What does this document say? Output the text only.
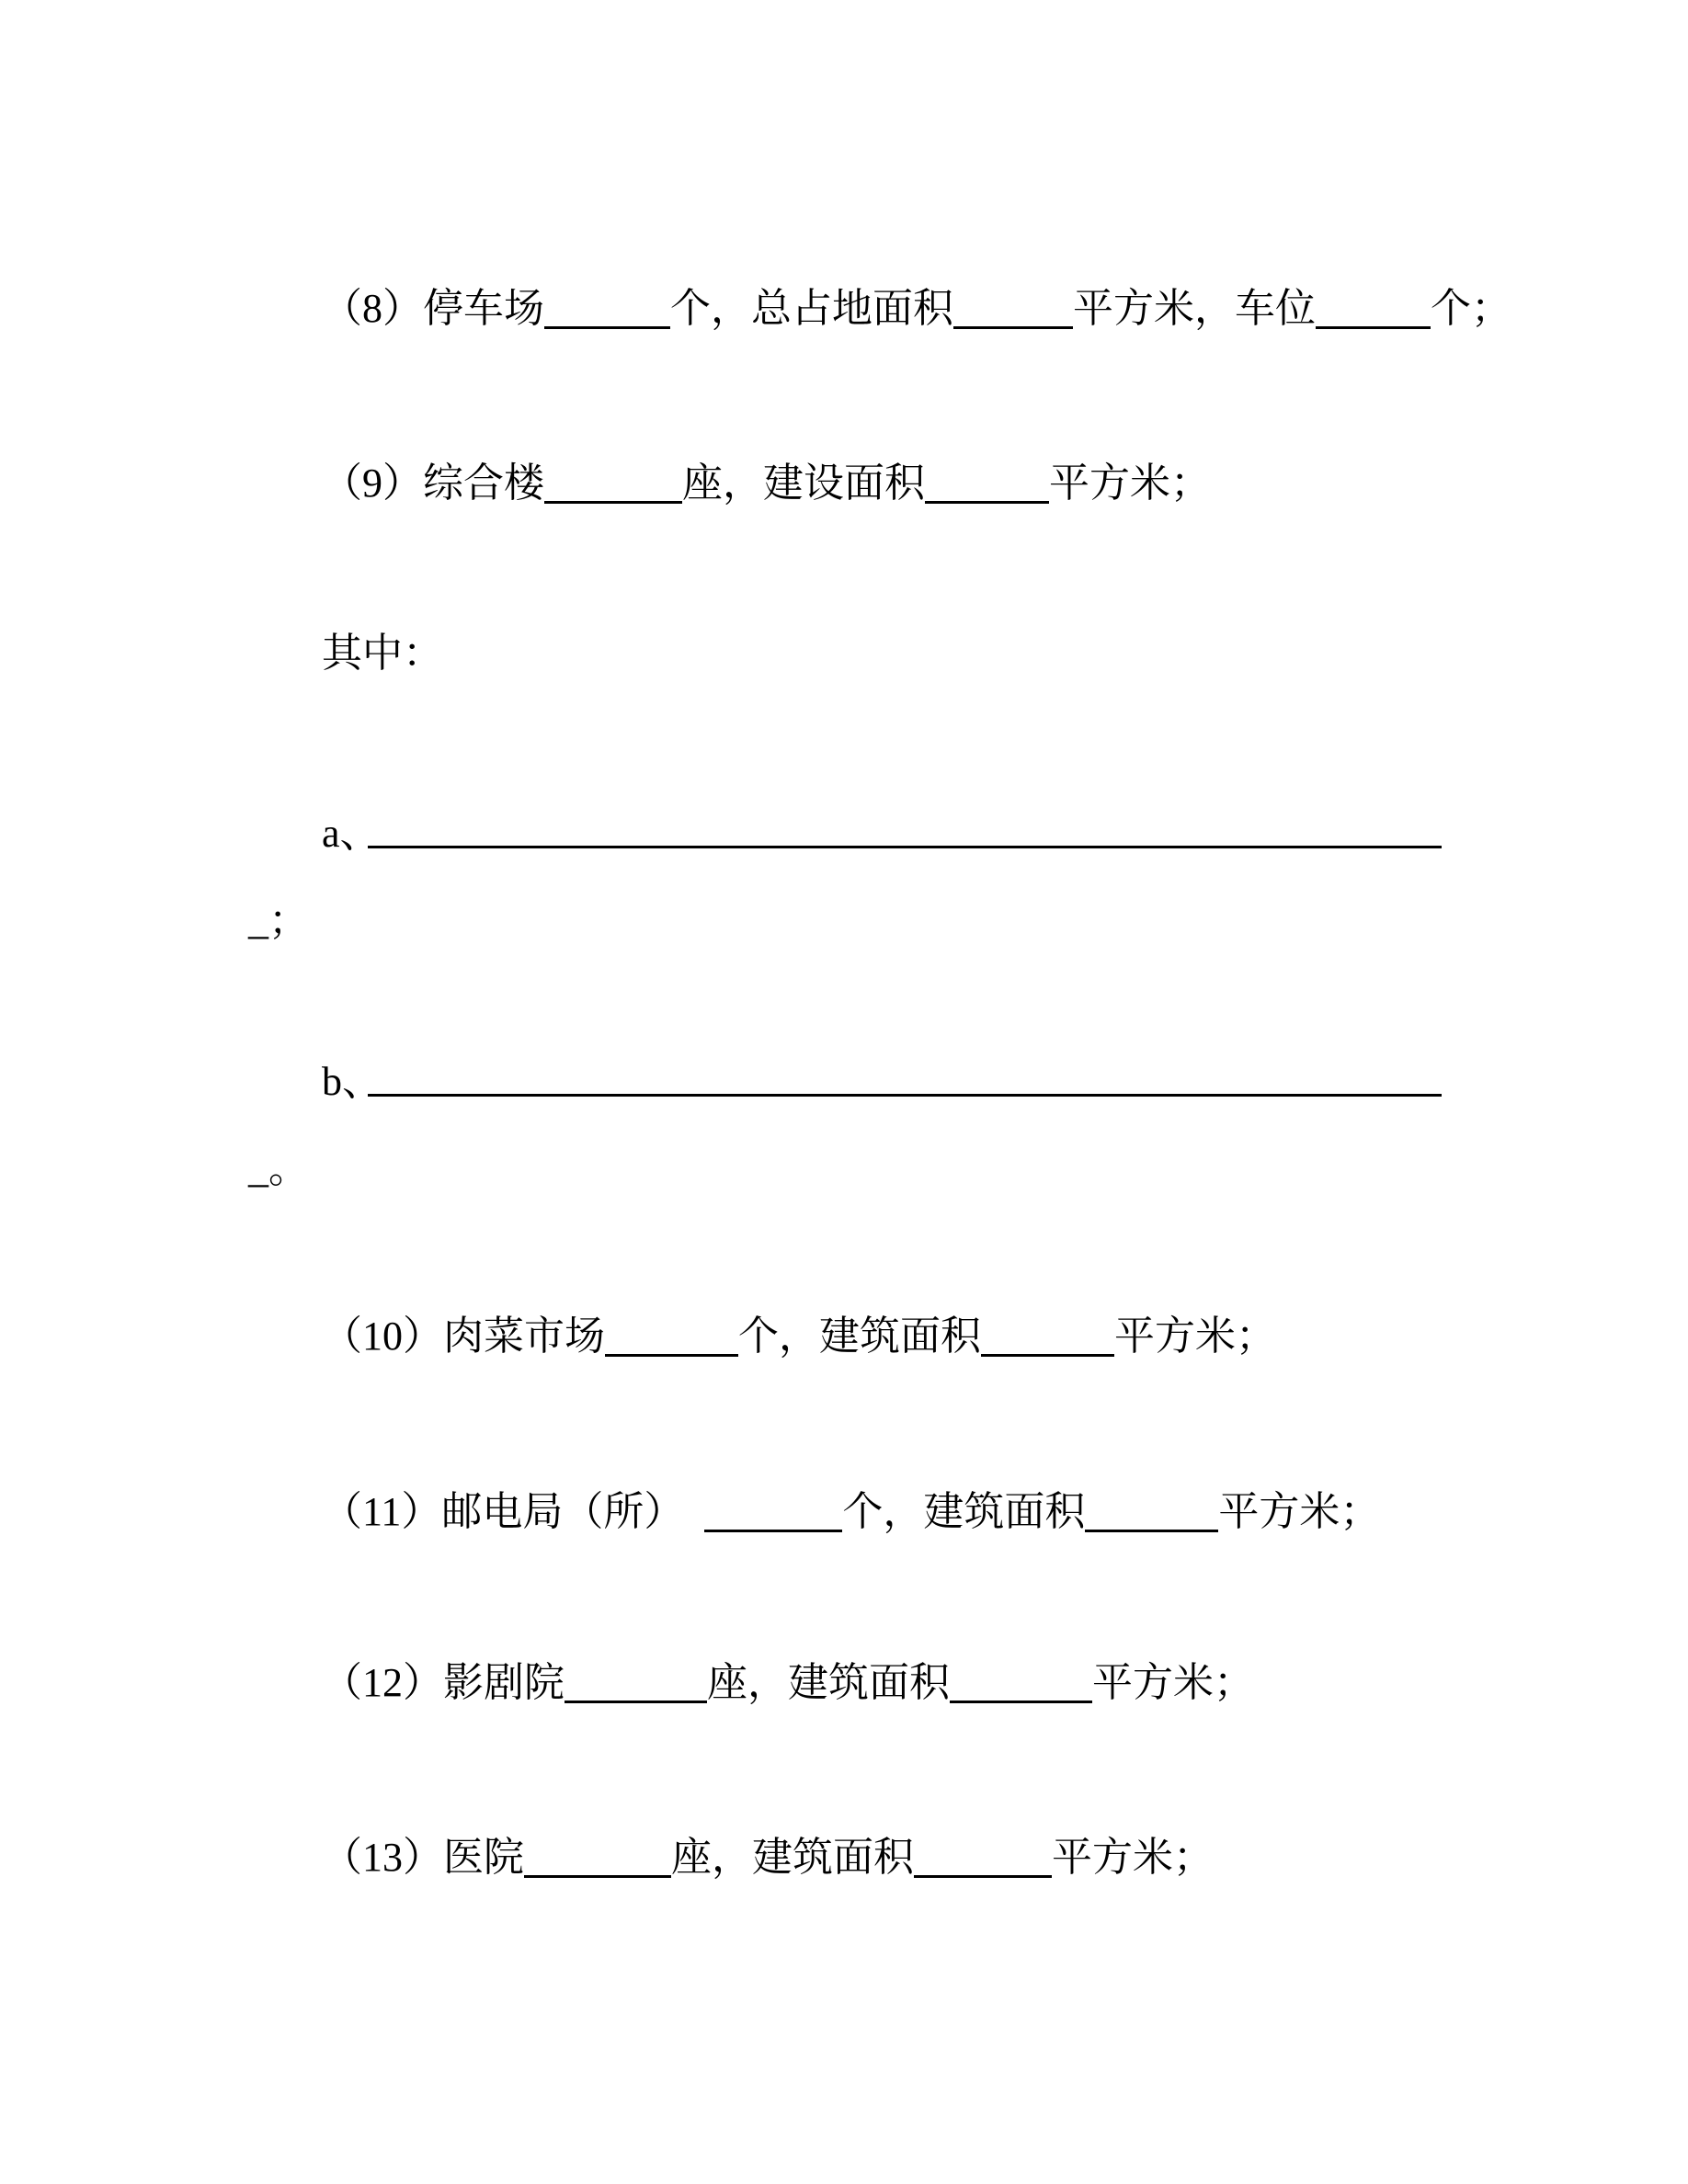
（8）停车场	个，总占地面积	平方米，车位	个；
（9）综合楼	座，建设面积	平方米；
其中：
a、
_；
b、
_。
（10）肉菜市场	个，建筑面积	平方米；
（11）邮电局（所）	个，建筑面积	平方米；
（12）影剧院	座，建筑面积	平方米；
（13）医院	座，建筑面积	平方米；
